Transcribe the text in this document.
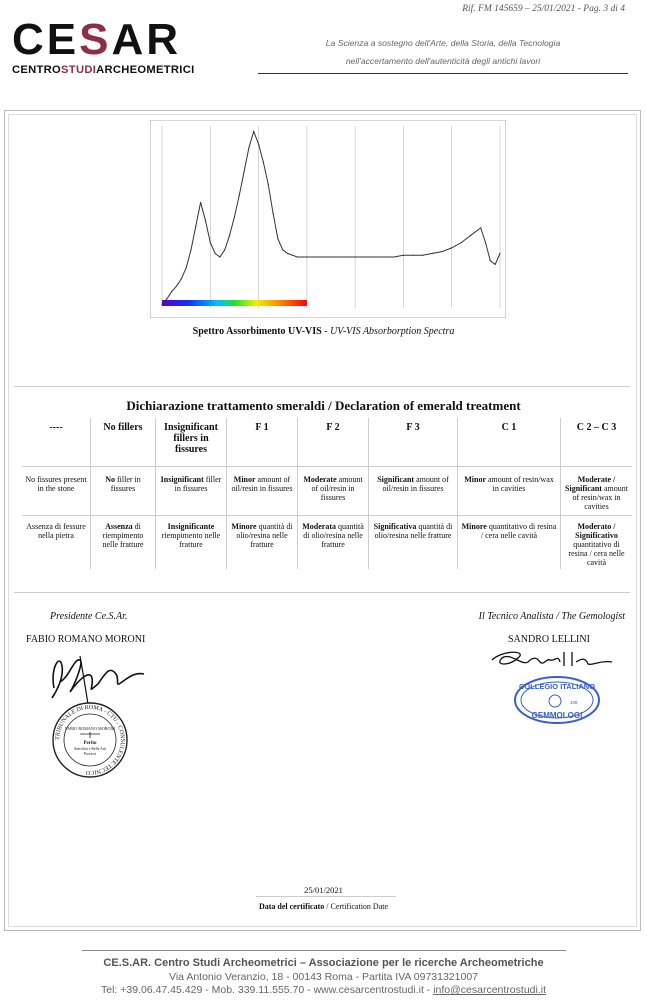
Rif. FM 145659 – 25/01/2021 - Pag. 3 di 4
CESAR
CENTROSTUDIARCHEOMETRICI
La Scienza a sostegno dell'Arte, della Storia, della Tecnologia
nell'accertamento dell'autenticità degli antichi lavori
Spettro Assorbimento UV-VIS - UV-VIS Absorborption Spectra
Dichiarazione trattamento smeraldi / Declaration of emerald treatment
----	No fillers	Insignificant fillers in fissures	F 1	F 2	F 3	C 1	C 2 – C 3
No fissures present in the stone	No filler in fissures	Insignificant filler in fissures	Minor amount of oil/resin in fissures	Moderate amount of oil/resin in fissures	Significant amount of oil/resin in fissures	Minor amount of resin/wax in cavities	Moderate / Significant amount of resin/wax in cavities
Assenza di fessure nella pietra	Assenza di riempimento nelle fratture	Insignificante riempimento nelle fratture	Minore quantità di olio/resina nelle fratture	Moderata quantità di olio/resina nelle fratture	Significativa quantità di olio/resina nelle fratture	Minore quantitativo di resina / cera nelle cavità	Moderato / Significativo quantitativo di resina / cera nelle cavità
Presidente Ce.S.Ar.	Il Tecnico Analista / The Gemologist
FABIO ROMANO MORONI	SANDRO LELLINI
TRIBUNALE DI ROMA - CTU - CONSULENTE TECNICO
FABIO ROMANO MORONI
Perito
Antichità e Belle Arti
Preziosi
COLLEGIO ITALIANO
108
GEMMOLOGI
25/01/2021
Data del certificato / Certification Date
CE.S.AR. Centro Studi Archeometrici – Associazione per le ricerche Archeometriche
Via Antonio Veranzio, 18 - 00143 Roma - Partita IVA 09731321007
Tel: +39.06.47.45.429 - Mob. 339.11.555.70 - www.cesarcentrostudi.it - info@cesarcentrostudi.it
